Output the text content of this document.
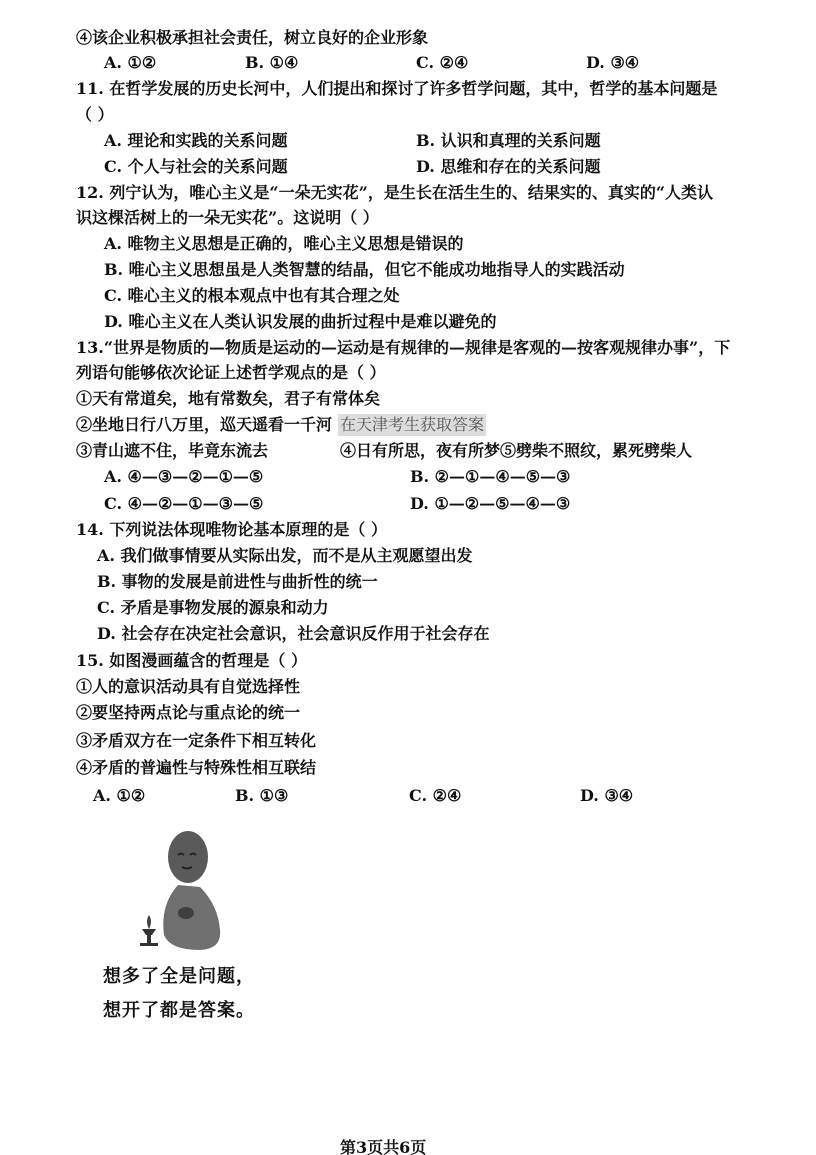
④该企业积极承担社会责任，树立良好的企业形象
A. ①②	B. ①④	C. ②④	D. ③④
11. 在哲学发展的历史长河中，人们提出和探讨了许多哲学问题，其中，哲学的基本问题是
（ ）
A. 理论和实践的关系问题	B. 认识和真理的关系问题
C. 个人与社会的关系问题	D. 思维和存在的关系问题
12. 列宁认为，唯心主义是“一朵无实花”，是生长在活生生的、结果实的、真实的“人类认
识这棵活树上的一朵无实花”。这说明（ ）
A. 唯物主义思想是正确的，唯心主义思想是错误的
B. 唯心主义思想虽是人类智慧的结晶，但它不能成功地指导人的实践活动
C. 唯心主义的根本观点中也有其合理之处
D. 唯心主义在人类认识发展的曲折过程中是难以避免的
13.“世界是物质的—物质是运动的—运动是有规律的—规律是客观的—按客观规律办事”，下
列语句能够依次论证上述哲学观点的是（ ）
①天有常道矣，地有常数矣，君子有常体矣
②坐地日行八万里，巡天遥看一千河 在天津考生获取答案
③青山遮不住，毕竟东流去	④日有所思，夜有所梦⑤劈柴不照纹，累死劈柴人
A. ④—③—②—①—⑤	B. ②—①—④—⑤—③
C. ④—②—①—③—⑤	D. ①—②—⑤—④—③
14. 下列说法体现唯物论基本原理的是（ ）
A. 我们做事情要从实际出发，而不是从主观愿望出发
B. 事物的发展是前进性与曲折性的统一
C. 矛盾是事物发展的源泉和动力
D. 社会存在决定社会意识，社会意识反作用于社会存在
15. 如图漫画蕴含的哲理是（ ）
①人的意识活动具有自觉选择性
②要坚持两点论与重点论的统一
③矛盾双方在一定条件下相互转化
④矛盾的普遍性与特殊性相互联结
A. ①②	B. ①③	C. ②④	D. ③④
想多了全是问题，
想开了都是答案。
第3页共6页
